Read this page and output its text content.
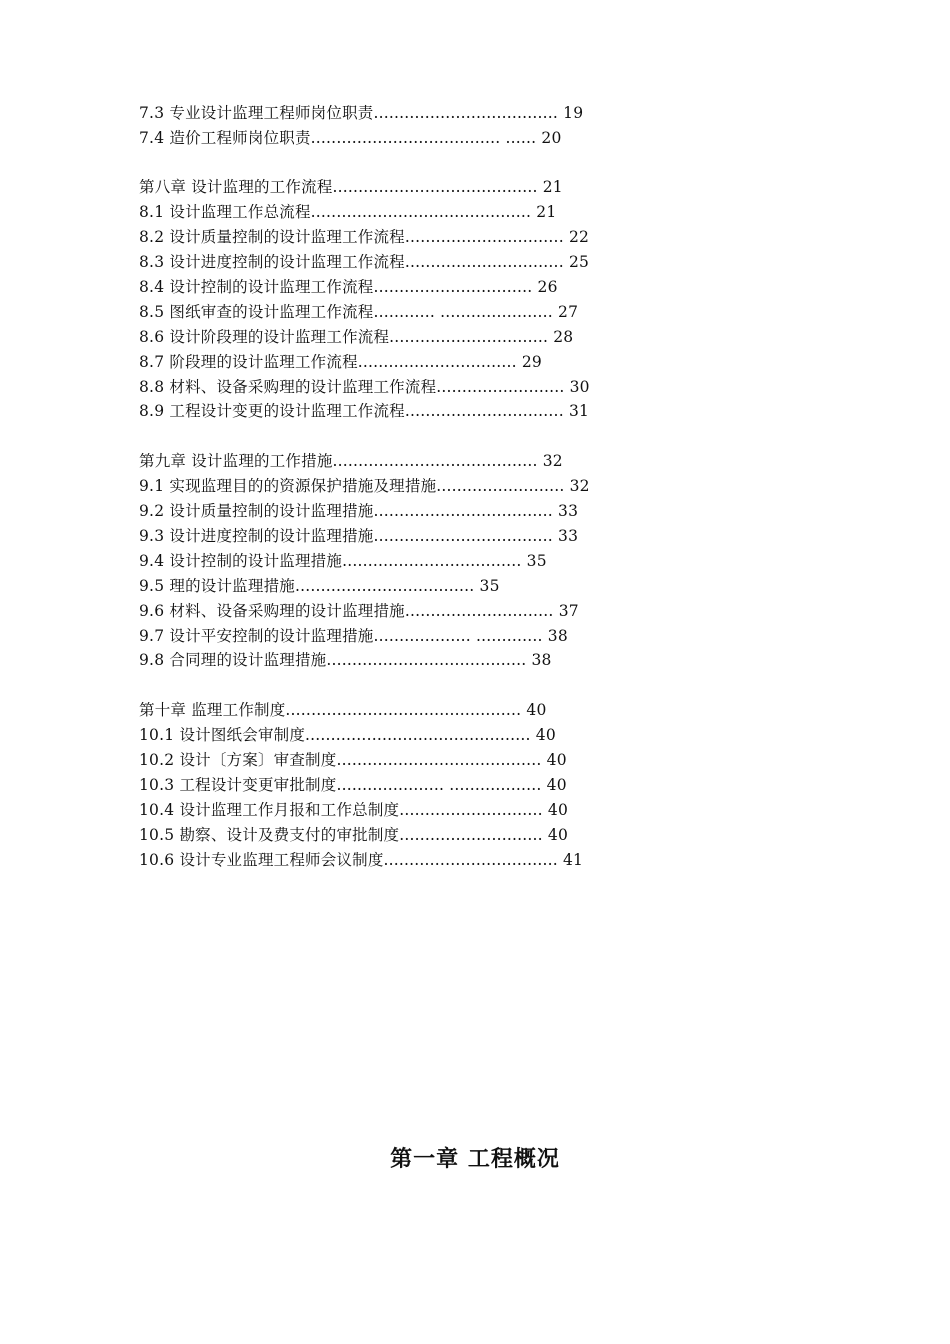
7.3 专业设计监理工程师岗位职责.................................... 19
7.4 造价工程师岗位职责..................................... ...... 20
第八章 设计监理的工作流程........................................ 21
8.1 设计监理工作总流程........................................... 21
8.2 设计质量控制的设计监理工作流程............................... 22
8.3 设计进度控制的设计监理工作流程............................... 25
8.4 设计控制的设计监理工作流程............................... 26
8.5 图纸审查的设计监理工作流程............ ...................... 27
8.6 设计阶段理的设计监理工作流程............................... 28
8.7 阶段理的设计监理工作流程............................... 29
8.8 材料、设备采购理的设计监理工作流程......................... 30
8.9 工程设计变更的设计监理工作流程............................... 31
第九章 设计监理的工作措施........................................ 32
9.1 实现监理目的的资源保护措施及理措施......................... 32
9.2 设计质量控制的设计监理措施................................... 33
9.3 设计进度控制的设计监理措施................................... 33
9.4 设计控制的设计监理措施................................... 35
9.5 理的设计监理措施................................... 35
9.6 材料、设备采购理的设计监理措施............................. 37
9.7 设计平安控制的设计监理措施................... ............. 38
9.8 合同理的设计监理措施....................................... 38
第十章 监理工作制度.............................................. 40
10.1 设计图纸会审制度............................................ 40
10.2 设计〔方案〕审查制度........................................ 40
10.3 工程设计变更审批制度..................... .................. 40
10.4 设计监理工作月报和工作总制度............................ 40
10.5 勘察、设计及费支付的审批制度............................ 40
10.6 设计专业监理工程师会议制度.................................. 41
第一章 工程概况
